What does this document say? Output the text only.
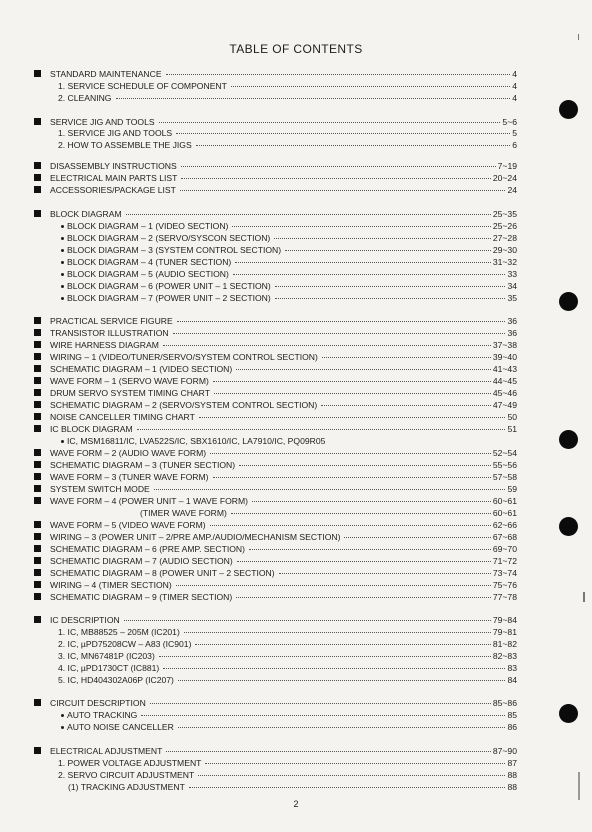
TABLE OF CONTENTS
STANDARD MAINTENANCE	4
1. SERVICE SCHEDULE OF COMPONENT	4
2. CLEANING	4
SERVICE JIG AND TOOLS	5~6
1. SERVICE JIG AND TOOLS	5
2. HOW TO ASSEMBLE THE JIGS	6
DISASSEMBLY INSTRUCTIONS	7~19
ELECTRICAL MAIN PARTS LIST	20~24
ACCESSORIES/PACKAGE LIST	24
BLOCK DIAGRAM	25~35
BLOCK DIAGRAM – 1 (VIDEO SECTION)	25~26
BLOCK DIAGRAM – 2 (SERVO/SYSCON SECTION)	27~28
BLOCK DIAGRAM – 3 (SYSTEM CONTROL SECTION)	29~30
BLOCK DIAGRAM – 4 (TUNER SECTION)	31~32
BLOCK DIAGRAM – 5 (AUDIO SECTION)	33
BLOCK DIAGRAM – 6 (POWER UNIT – 1 SECTION)	34
BLOCK DIAGRAM – 7 (POWER UNIT – 2 SECTION)	35
PRACTICAL SERVICE FIGURE	36
TRANSISTOR ILLUSTRATION	36
WIRE HARNESS DIAGRAM	37~38
WIRING – 1 (VIDEO/TUNER/SERVO/SYSTEM CONTROL SECTION)	39~40
SCHEMATIC DIAGRAM – 1 (VIDEO SECTION)	41~43
WAVE FORM – 1 (SERVO WAVE FORM)	44~45
DRUM SERVO SYSTEM TIMING CHART	45~46
SCHEMATIC DIAGRAM – 2 (SERVO/SYSTEM CONTROL SECTION)	47~49
NOISE CANCELLER TIMING CHART	50
IC BLOCK DIAGRAM	51
IC, MSM16811/IC, LVA522S/IC, SBX1610/IC, LA7910/IC, PQ09R05
WAVE FORM – 2 (AUDIO WAVE FORM)	52~54
SCHEMATIC DIAGRAM – 3 (TUNER SECTION)	55~56
WAVE FORM – 3 (TUNER WAVE FORM)	57~58
SYSTEM SWITCH MODE	59
WAVE FORM – 4 (POWER UNIT – 1 WAVE FORM)	60~61
(TIMER WAVE FORM)	60~61
WAVE FORM – 5 (VIDEO WAVE FORM)	62~66
WIRING – 3 (POWER UNIT – 2/PRE AMP./AUDIO/MECHANISM SECTION)	67~68
SCHEMATIC DIAGRAM – 6 (PRE AMP. SECTION)	69~70
SCHEMATIC DIAGRAM – 7 (AUDIO SECTION)	71~72
SCHEMATIC DIAGRAM – 8 (POWER UNIT – 2 SECTION)	73~74
WIRING – 4 (TIMER SECTION)	75~76
SCHEMATIC DIAGRAM – 9 (TIMER SECTION)	77~78
IC DESCRIPTION	79~84
1. IC, MB88525 – 205M (IC201)	79~81
2. IC, µPD75208CW – A83 (IC901)	81~82
3. IC, MN67481P (IC203)	82~83
4. IC, µPD1730CT (IC881)	83
5. IC, HD404302A06P (IC207)	84
CIRCUIT DESCRIPTION	85~86
AUTO TRACKING	85
AUTO NOISE CANCELLER	86
ELECTRICAL ADJUSTMENT	87~90
1. POWER VOLTAGE ADJUSTMENT	87
2. SERVO CIRCUIT ADJUSTMENT	88
(1) TRACKING ADJUSTMENT	88
2
